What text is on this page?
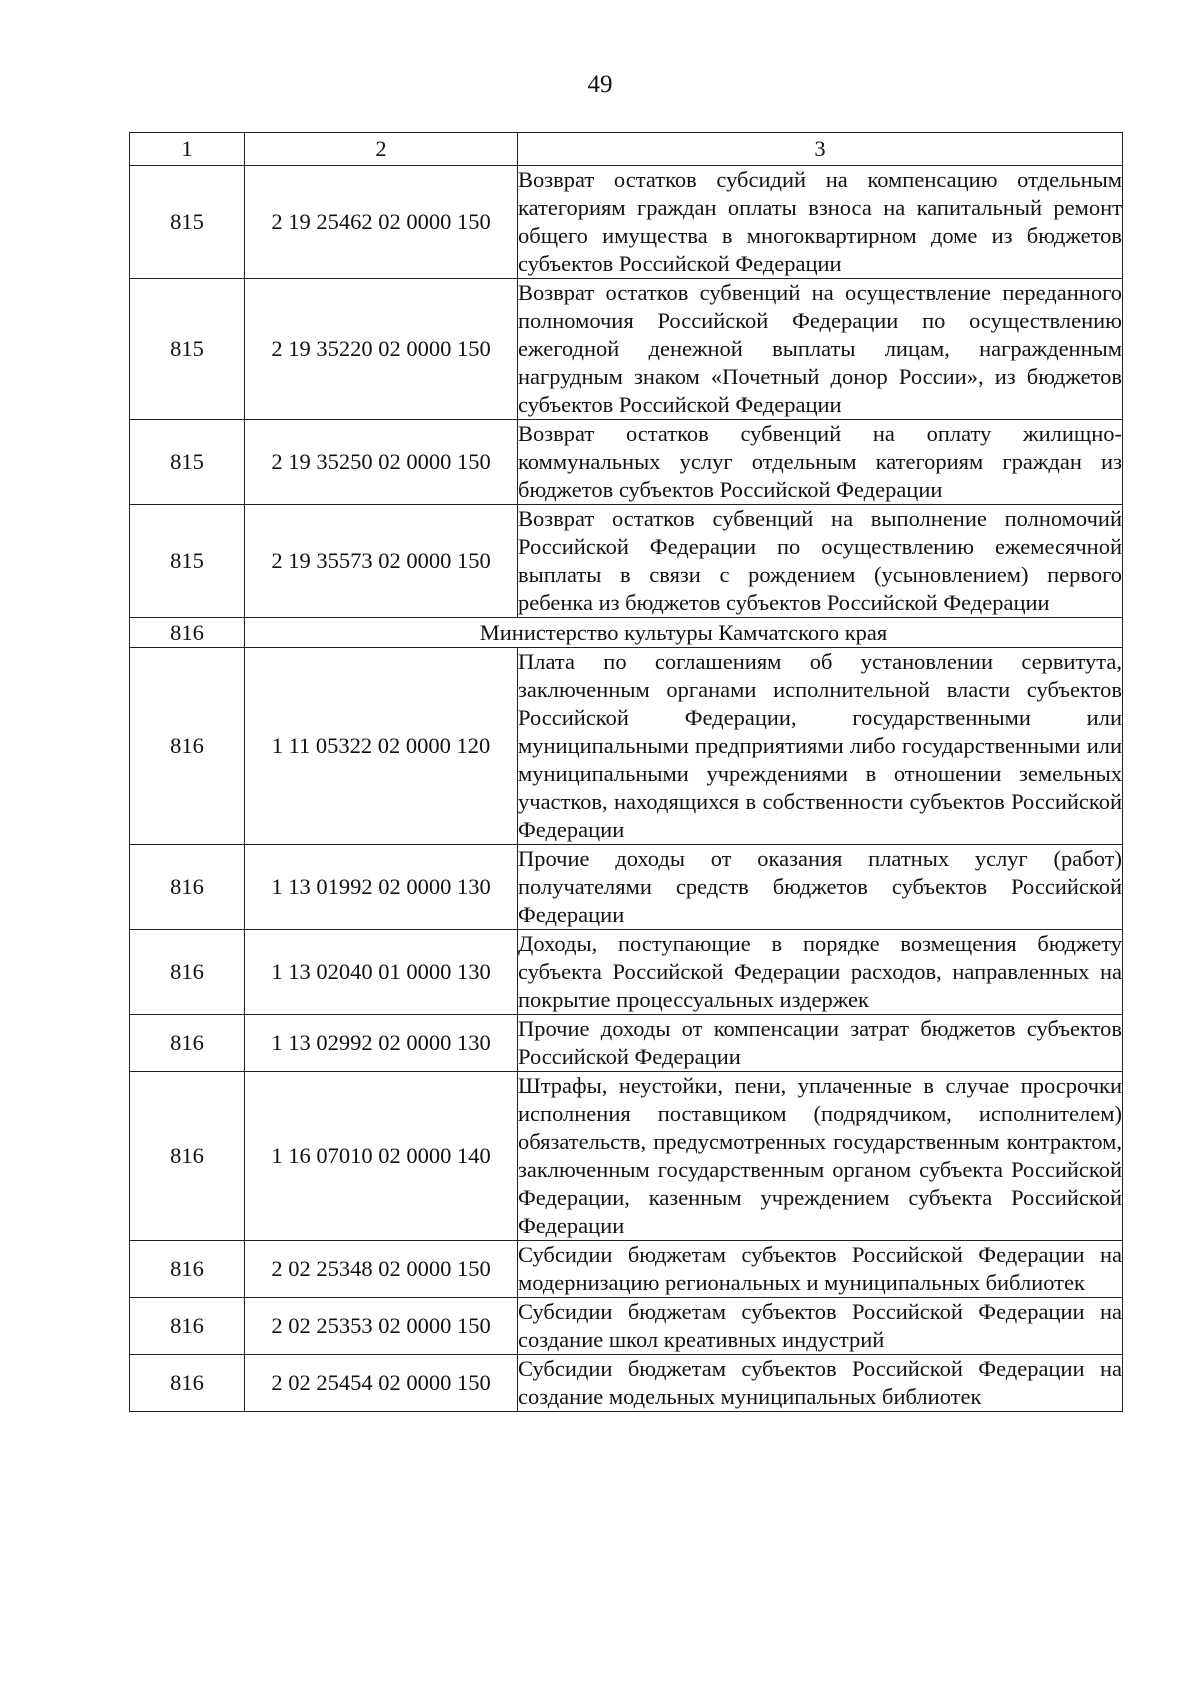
49
1	2	3
815	2 19 25462 02 0000 150	Возврат остатков субсидий на компенсацию отдельным категориям граждан оплаты взноса на капитальный ремонт общего имущества в многоквартирном доме из бюджетов субъектов Российской Федерации
815	2 19 35220 02 0000 150	Возврат остатков субвенций на осуществление переданного полномочия Российской Федерации по осуществлению ежегодной денежной выплаты лицам, награжденным нагрудным знаком «Почетный донор России», из бюджетов субъектов Российской Федерации
815	2 19 35250 02 0000 150	Возврат остатков субвенций на оплату жилищно-коммунальных услуг отдельным категориям граждан из бюджетов субъектов Российской Федерации
815	2 19 35573 02 0000 150	Возврат остатков субвенций на выполнение полномочий Российской Федерации по осуществлению ежемесячной выплаты в связи с рождением (усыновлением) первого ребенка из бюджетов субъектов Российской Федерации
816	Министерство культуры Камчатского края	
816	1 11 05322 02 0000 120	Плата по соглашениям об установлении сервитута, заключенным органами исполнительной власти субъектов Российской Федерации, государственными или муниципальными предприятиями либо государственными или муниципальными учреждениями в отношении земельных участков, находящихся в собственности субъектов Российской Федерации
816	1 13 01992 02 0000 130	Прочие доходы от оказания платных услуг (работ) получателями средств бюджетов субъектов Российской Федерации
816	1 13 02040 01 0000 130	Доходы, поступающие в порядке возмещения бюджету субъекта Российской Федерации расходов, направленных на покрытие процессуальных издержек
816	1 13 02992 02 0000 130	Прочие доходы от компенсации затрат бюджетов субъектов Российской Федерации
816	1 16 07010 02 0000 140	Штрафы, неустойки, пени, уплаченные в случае просрочки исполнения поставщиком (подрядчиком, исполнителем) обязательств, предусмотренных государственным контрактом, заключенным государственным органом субъекта Российской Федерации, казенным учреждением субъекта Российской Федерации
816	2 02 25348 02 0000 150	Субсидии бюджетам субъектов Российской Федерации на модернизацию региональных и муниципальных библиотек
816	2 02 25353 02 0000 150	Субсидии бюджетам субъектов Российской Федерации на создание школ креативных индустрий
816	2 02 25454 02 0000 150	Субсидии бюджетам субъектов Российской Федерации на создание модельных муниципальных библиотек
